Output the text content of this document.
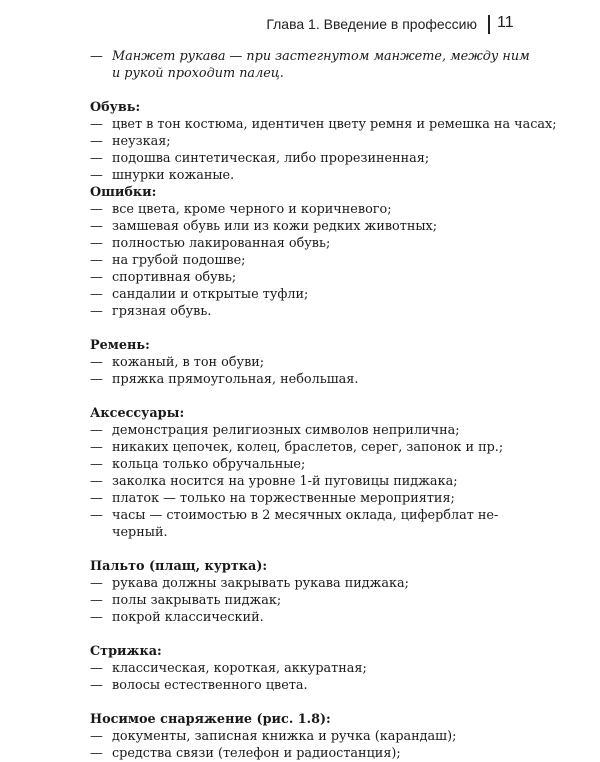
Глава 1. Введение в профессию 11
— Манжет рукава — при застегнутом манжете, между ним
и рукой проходит палец.
Обувь:
— цвет в тон костюма, идентичен цвету ремня и ремешка на часах;
— неузкая;
— подошва синтетическая, либо прорезиненная;
— шнурки кожаные.
Ошибки:
— все цвета, кроме черного и коричневого;
— замшевая обувь или из кожи редких животных;
— полностью лакированная обувь;
— на грубой подошве;
— спортивная обувь;
— сандалии и открытые туфли;
— грязная обувь.
Ремень:
— кожаный, в тон обуви;
— пряжка прямоугольная, небольшая.
Аксессуары:
— демонстрация религиозных символов неприлична;
— никаких цепочек, колец, браслетов, серег, запонок и пр.;
— кольца только обручальные;
— заколка носится на уровне 1-й пуговицы пиджака;
— платок — только на торжественные мероприятия;
— часы — стоимостью в 2 месячных оклада, циферблат не-
черный.
Пальто (плащ, куртка):
— рукава должны закрывать рукава пиджака;
— полы закрывать пиджак;
— покрой классический.
Стрижка:
— классическая, короткая, аккуратная;
— волосы естественного цвета.
Носимое снаряжение (рис. 1.8):
— документы, записная книжка и ручка (карандаш);
— средства связи (телефон и радиостанция);
